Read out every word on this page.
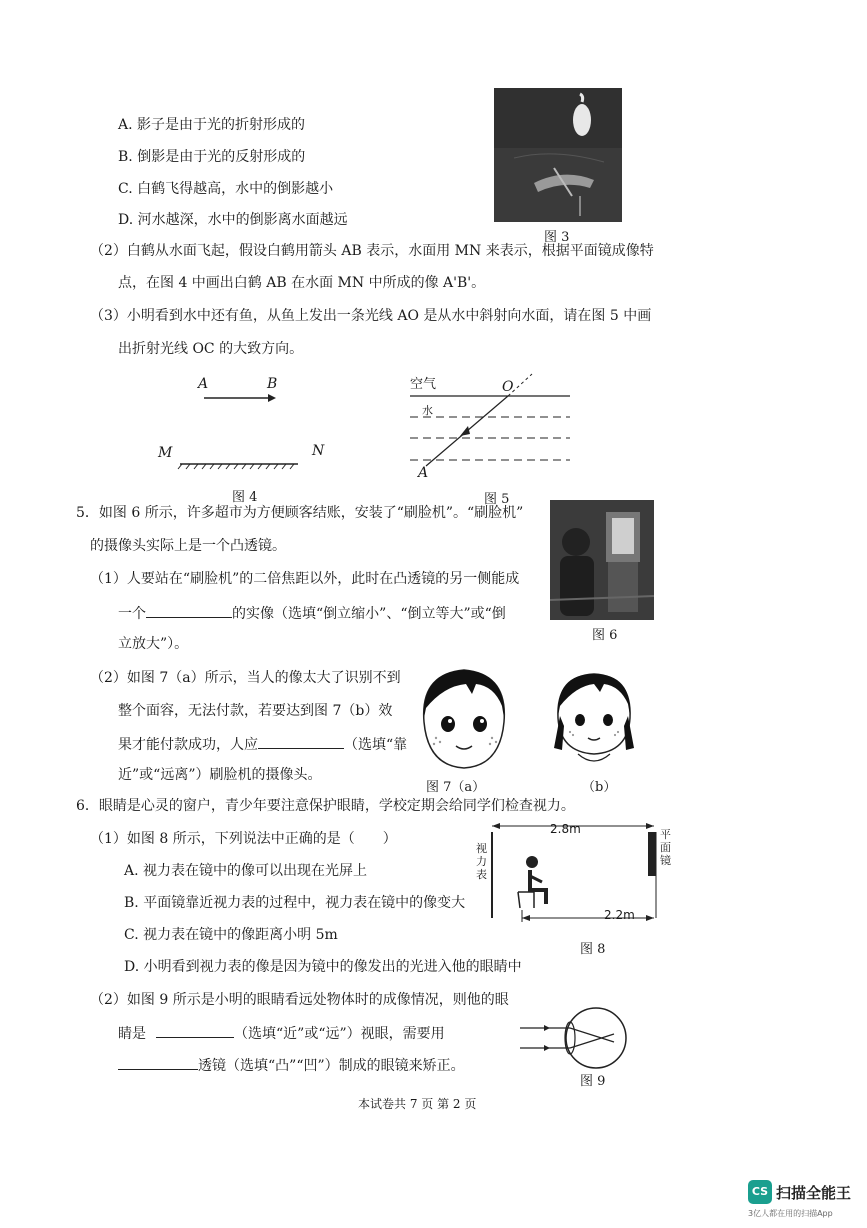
A. 影子是由于光的折射形成的
B. 倒影是由于光的反射形成的
C. 白鹤飞得越高，水中的倒影越小
D. 河水越深，水中的倒影离水面越远
图 3
（2）白鹤从水面飞起，假设白鹤用箭头 AB 表示，水面用 MN 来表示，根据平面镜成像特
点，在图 4 中画出白鹤 AB 在水面 MN 中所成的像 A'B'。
（3）小明看到水中还有鱼，从鱼上发出一条光线 AO 是从水中斜射向水面，请在图 5 中画
出折射光线 OC 的大致方向。
A	B
M	N
图 4
空气
水
O
A
图 5
5．如图 6 所示，许多超市为方便顾客结账，安装了“刷脸机”。“刷脸机”
的摄像头实际上是一个凸透镜。
（1）人要站在“刷脸机”的二倍焦距以外，此时在凸透镜的另一侧能成
一个	的实像（选填“倒立缩小”、“倒立等大”或“倒
立放大”）。
图 6
（2）如图 7（a）所示，当人的像太大了识别不到
整个面容，无法付款，若要达到图 7（b）效
果才能付款成功，人应	（选填“靠
近”或“远离”）刷脸机的摄像头。
图 7（a）	（b）
6．眼睛是心灵的窗户，青少年要注意保护眼睛，学校定期会给同学们检查视力。
（1）如图 8 所示，下列说法中正确的是（　　）
A. 视力表在镜中的像可以出现在光屏上
B. 平面镜靠近视力表的过程中，视力表在镜中的像变大
C. 视力表在镜中的像距离小明 5m
D. 小明看到视力表的像是因为镜中的像发出的光进入他的眼睛中
2.8m
2.2m
视力表
平面镜
图 8
（2）如图 9 所示是小明的眼睛看远处物体时的成像情况，则他的眼
睛是	（选填“近”或“远”）视眼，需要用
透镜（选填“凸”“凹”）制成的眼镜来矫正。
图 9
本试卷共 7 页 第 2 页
CS 扫描全能王
3亿人都在用的扫描App
